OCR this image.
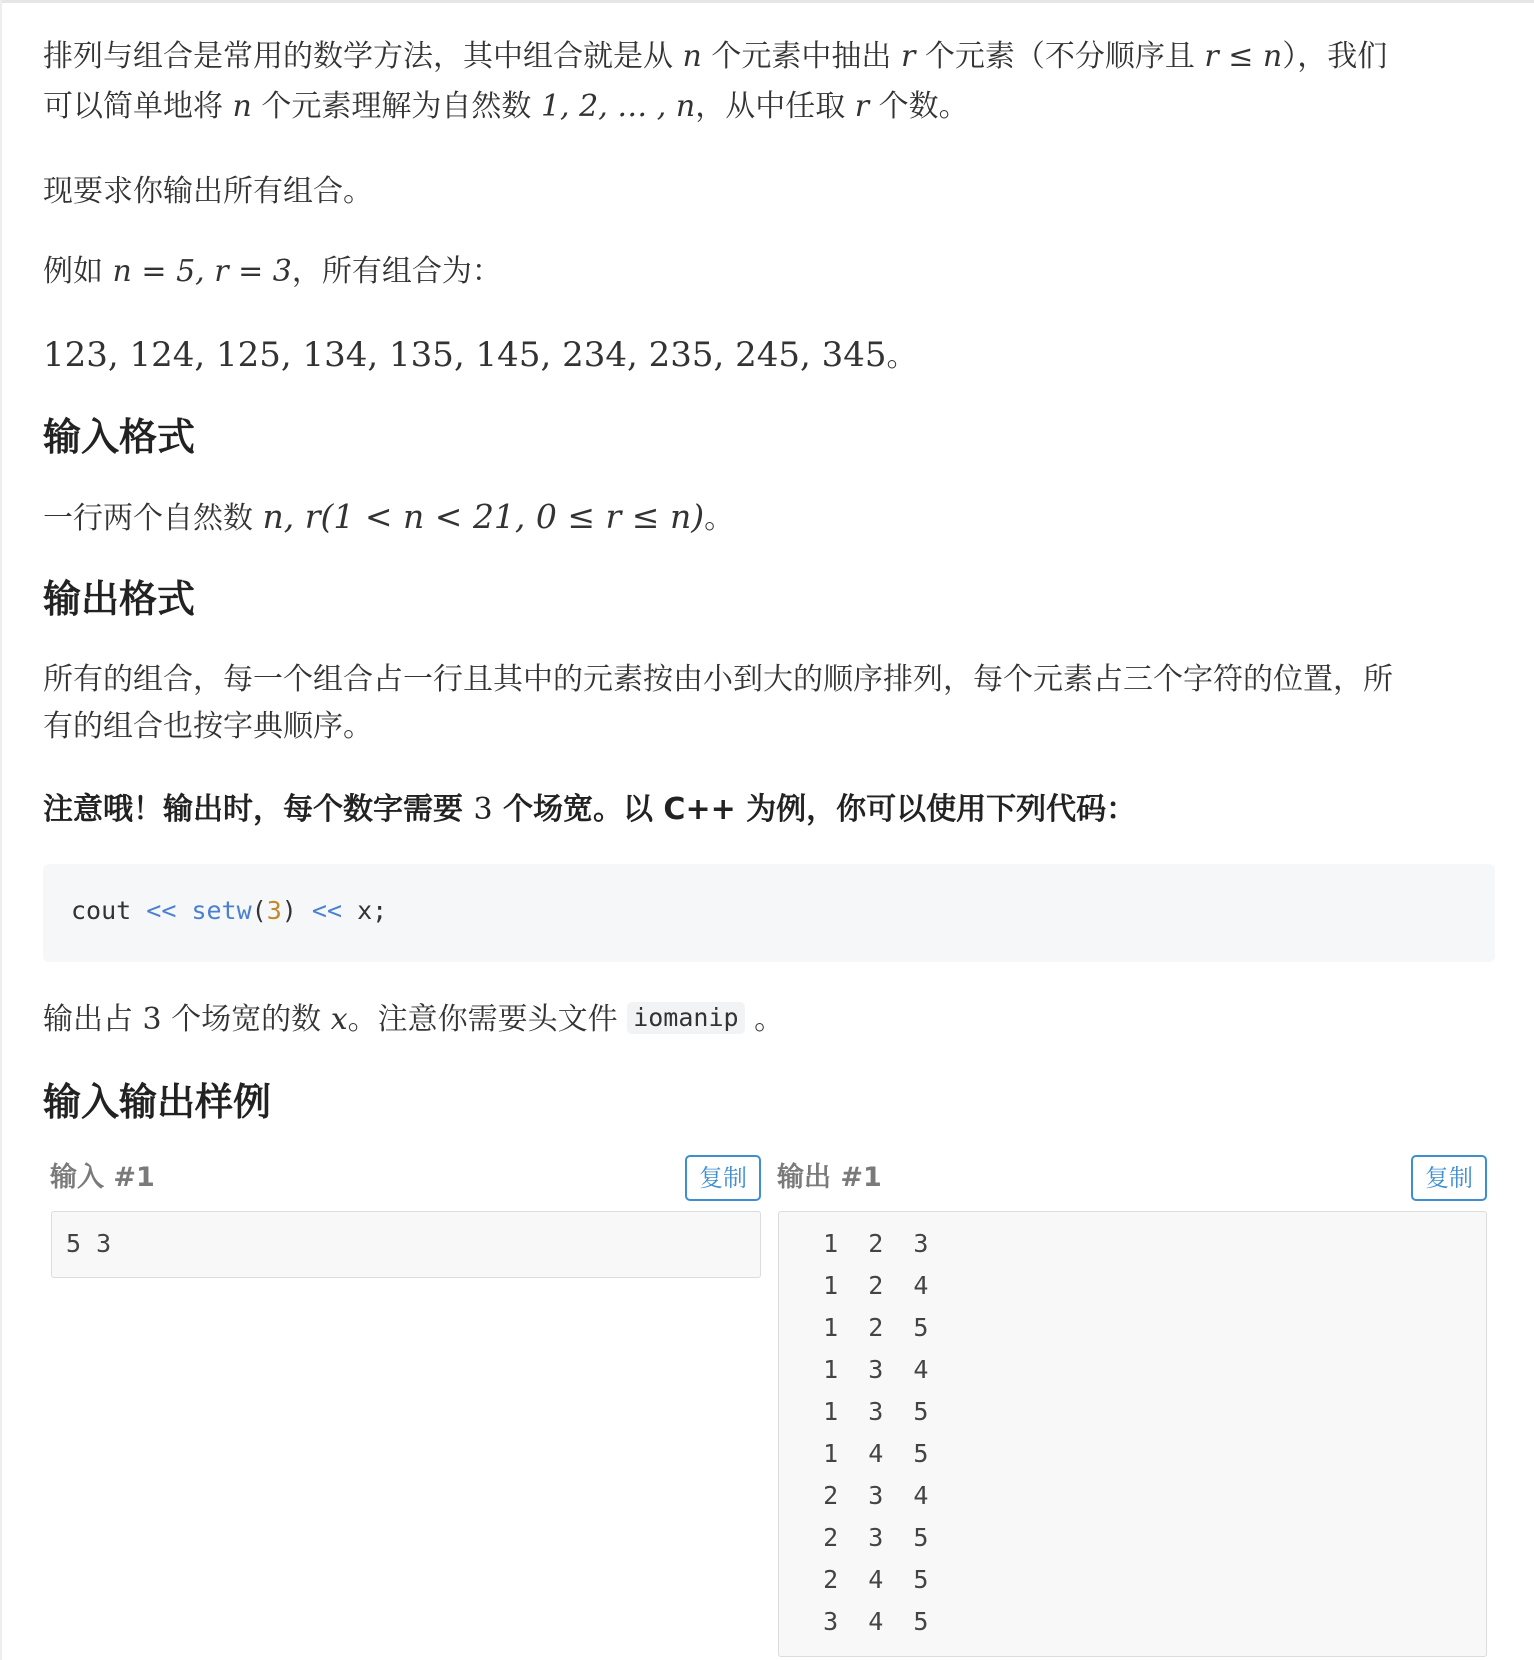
排列与组合是常用的数学方法，其中组合就是从 n 个元素中抽出 r 个元素（不分顺序且 r ≤ n），我们
可以简单地将 n 个元素理解为自然数 1, 2, … , n，从中任取 r 个数。
现要求你输出所有组合。
例如 n = 5, r = 3，所有组合为：
123, 124, 125, 134, 135, 145, 234, 235, 245, 345。
输入格式
一行两个自然数 n, r(1 < n < 21, 0 ≤ r ≤ n)。
输出格式
所有的组合，每一个组合占一行且其中的元素按由小到大的顺序排列，每个元素占三个字符的位置，所
有的组合也按字典顺序。
注意哦！输出时，每个数字需要 3 个场宽。以 C++ 为例，你可以使用下列代码：
cout << setw(3) << x;
输出占 3 个场宽的数 x。注意你需要头文件 iomanip 。
输入输出样例
输入 #1	复制
5 3
输出 #1	复制
1  2  3
1  2  4
1  2  5
1  3  4
1  3  5
1  4  5
2  3  4
2  3  5
2  4  5
3  4  5
